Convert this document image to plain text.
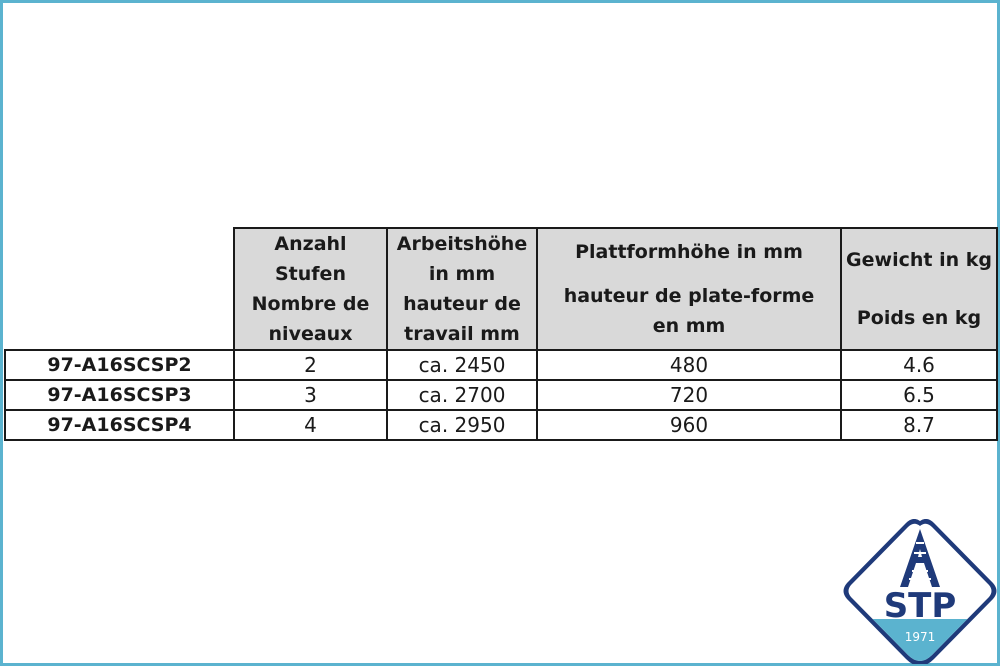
	Anzahl
Stufen
Nombre de
niveaux	Arbeitshöhe
in mm
hauteur de
travail mm	Plattformhöhe in mm
hauteur de plate-forme
en mm	Gewicht in kg
Poids en kg

97-A16SCSP2	2	ca. 2450	480	4.6
97-A16SCSP3	3	ca. 2700	720	6.5
97-A16SCSP4	4	ca. 2950	960	8.7
STP
1971
